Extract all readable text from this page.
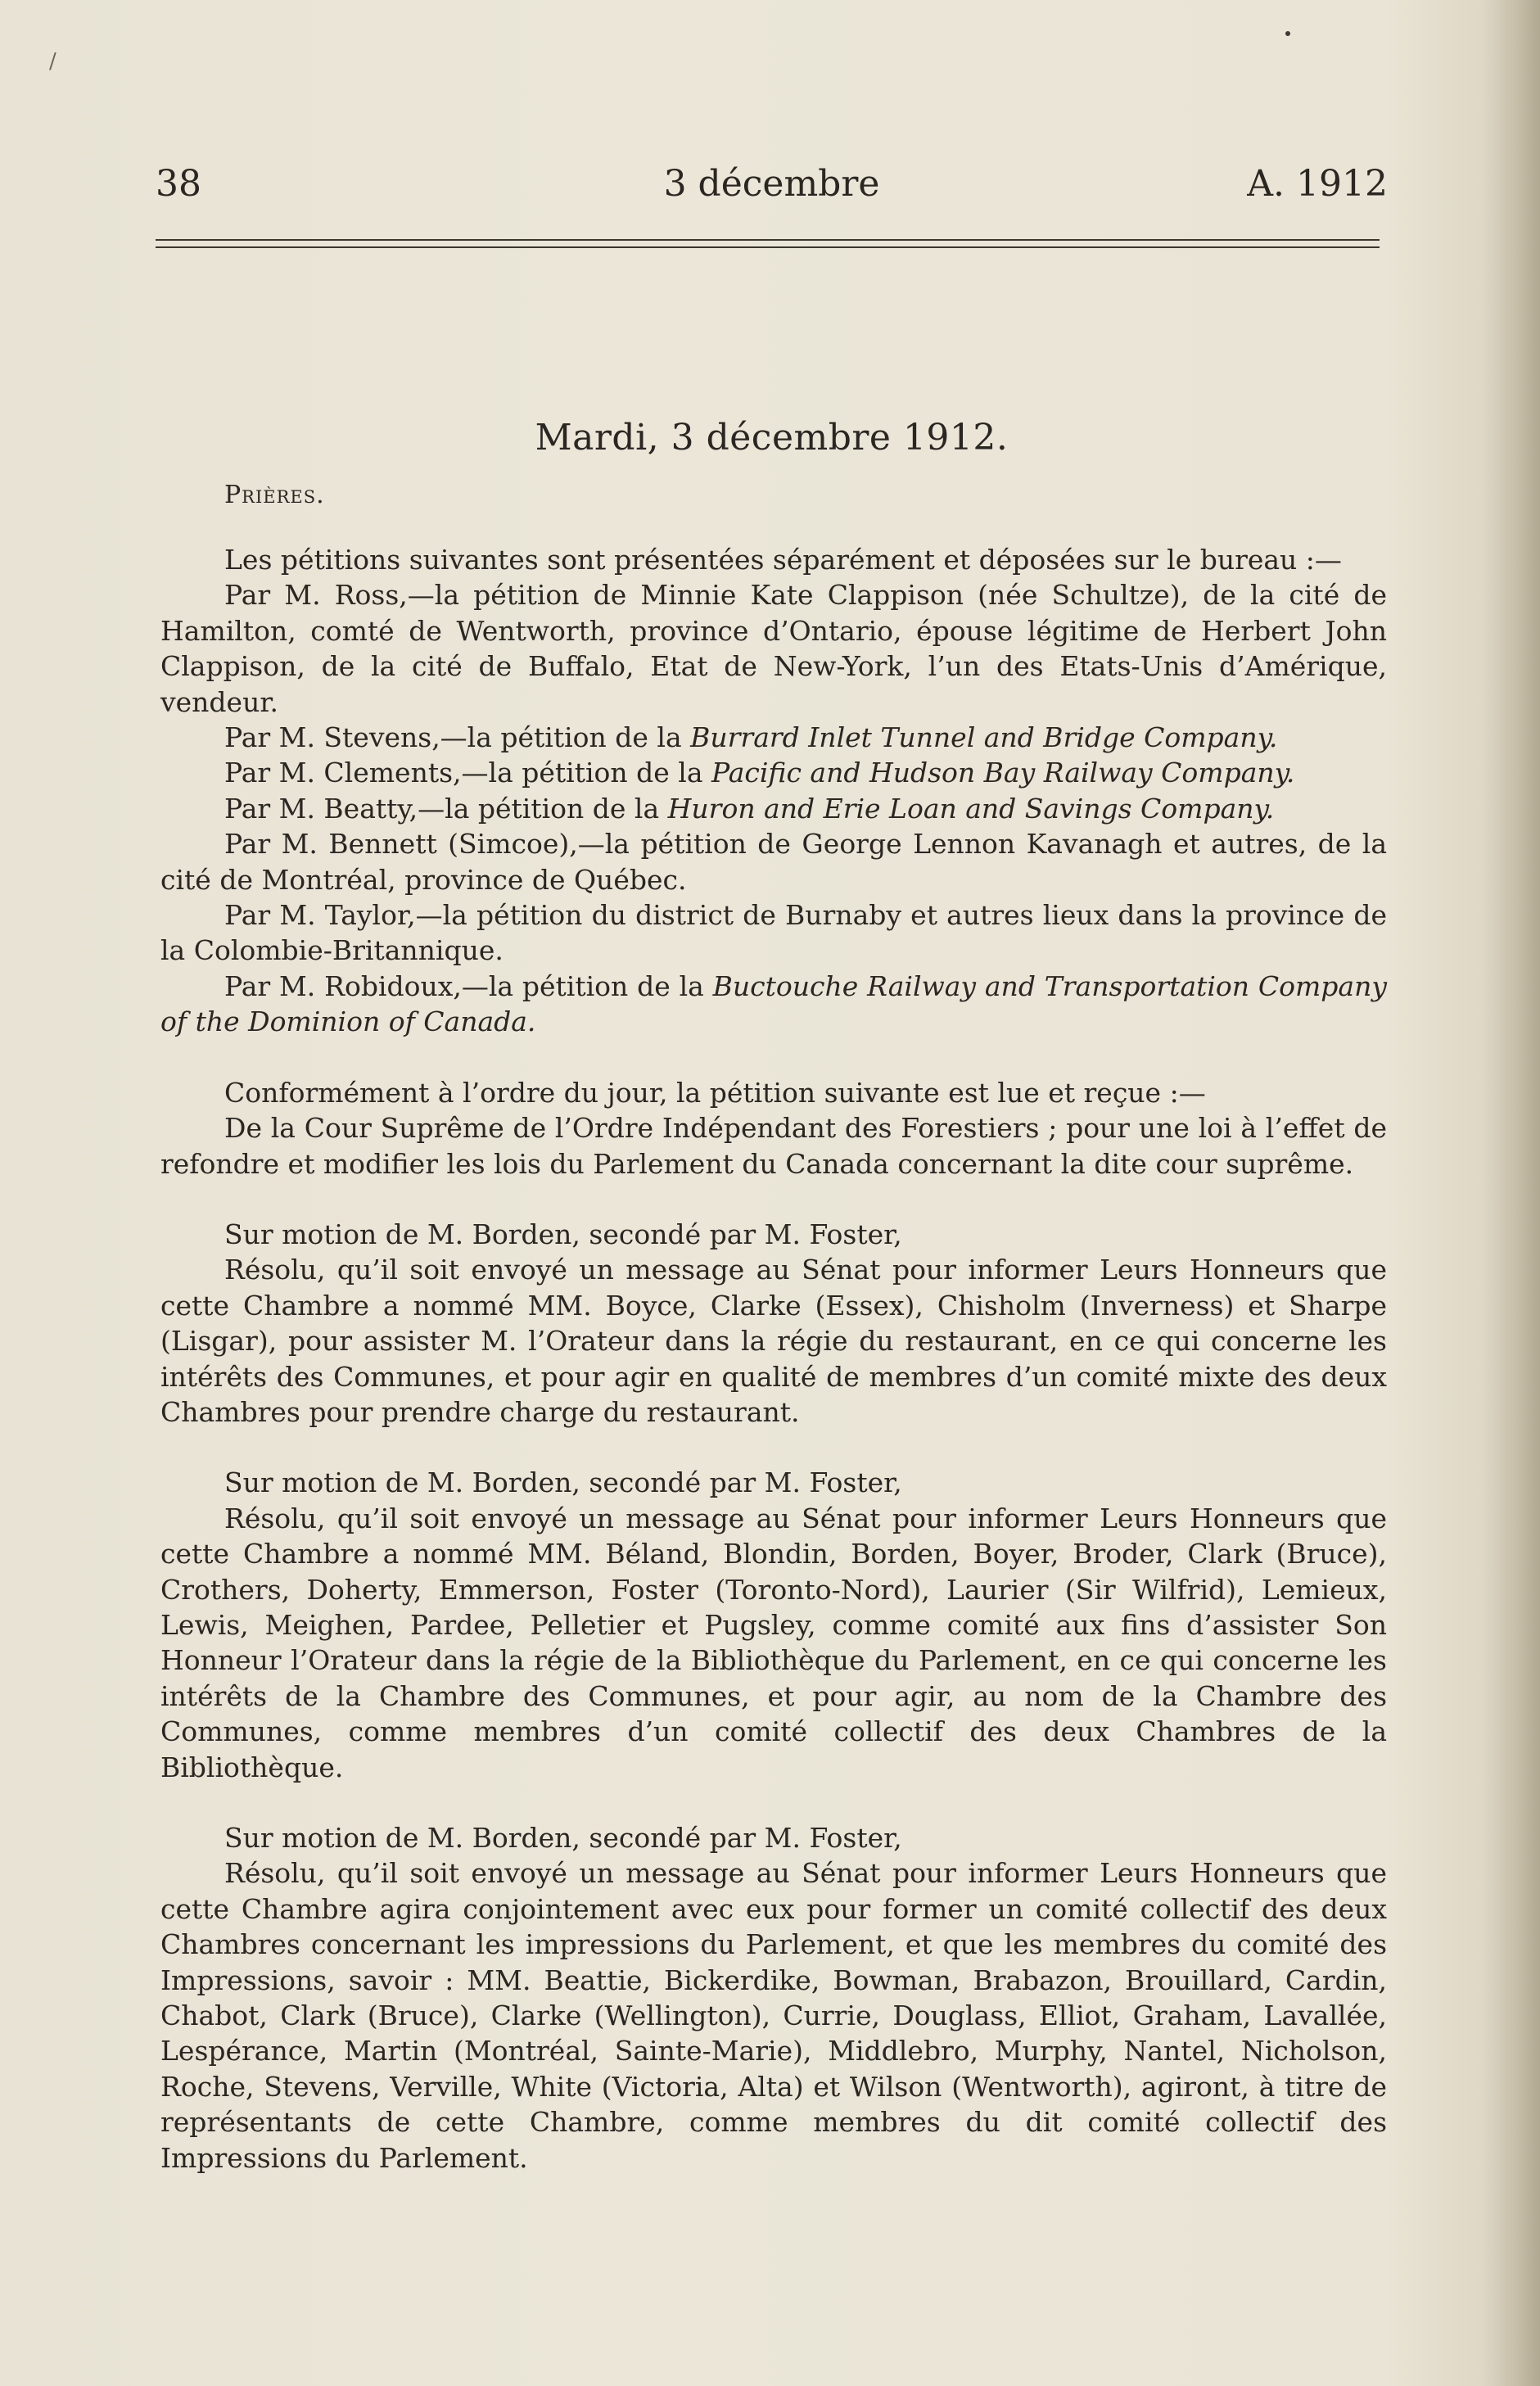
/
38	3 décembre	A. 1912
Mardi, 3 décembre 1912.
Prières.

Les pétitions suivantes sont présentées séparément et déposées sur le bureau :—

Par M. Ross,—la pétition de Minnie Kate Clappison (née Schultze), de la cité de Hamilton, comté de Wentworth, province d’Ontario, épouse légitime de Herbert John Clappison, de la cité de Buffalo, Etat de New-York, l’un des Etats-Unis d’Amérique, vendeur.

Par M. Stevens,—la pétition de la Burrard Inlet Tunnel and Bridge Company.

Par M. Clements,—la pétition de la Pacific and Hudson Bay Railway Company.

Par M. Beatty,—la pétition de la Huron and Erie Loan and Savings Company.

Par M. Bennett (Simcoe),—la pétition de George Lennon Kavanagh et autres, de la cité de Montréal, province de Québec.

Par M. Taylor,—la pétition du district de Burnaby et autres lieux dans la province de la Colombie-Britannique.

Par M. Robidoux,—la pétition de la Buctouche Railway and Transportation Company of the Dominion of Canada.

Conformément à l’ordre du jour, la pétition suivante est lue et reçue :—

De la Cour Suprême de l’Ordre Indépendant des Forestiers ; pour une loi à l’effet de refondre et modifier les lois du Parlement du Canada concernant la dite cour suprême.

Sur motion de M. Borden, secondé par M. Foster,

Résolu, qu’il soit envoyé un message au Sénat pour informer Leurs Honneurs que cette Chambre a nommé MM. Boyce, Clarke (Essex), Chisholm (Inverness) et Sharpe (Lisgar), pour assister M. l’Orateur dans la régie du restaurant, en ce qui concerne les intérêts des Communes, et pour agir en qualité de membres d’un comité mixte des deux Chambres pour prendre charge du restaurant.

Sur motion de M. Borden, secondé par M. Foster,

Résolu, qu’il soit envoyé un message au Sénat pour informer Leurs Honneurs que cette Chambre a nommé MM. Béland, Blondin, Borden, Boyer, Broder, Clark (Bruce), Crothers, Doherty, Emmerson, Foster (Toronto-Nord), Laurier (Sir Wilfrid), Lemieux, Lewis, Meighen, Pardee, Pelletier et Pugsley, comme comité aux fins d’assister Son Honneur l’Orateur dans la régie de la Bibliothèque du Parlement, en ce qui concerne les intérêts de la Chambre des Communes, et pour agir, au nom de la Chambre des Communes, comme membres d’un comité collectif des deux Chambres de la Bibliothèque.

Sur motion de M. Borden, secondé par M. Foster,

Résolu, qu’il soit envoyé un message au Sénat pour informer Leurs Honneurs que cette Chambre agira conjointement avec eux pour former un comité collectif des deux Chambres concernant les impressions du Parlement, et que les membres du comité des Impressions, savoir : MM. Beattie, Bickerdike, Bowman, Brabazon, Brouillard, Cardin, Chabot, Clark (Bruce), Clarke (Wellington), Currie, Douglass, Elliot, Graham, Lavallée, Lespérance, Martin (Montréal, Sainte-Marie), Middlebro, Murphy, Nantel, Nicholson, Roche, Stevens, Verville, White (Victoria, Alta) et Wilson (Wentworth), agiront, à titre de représentants de cette Chambre, comme membres du dit comité collectif des Impressions du Parlement.
